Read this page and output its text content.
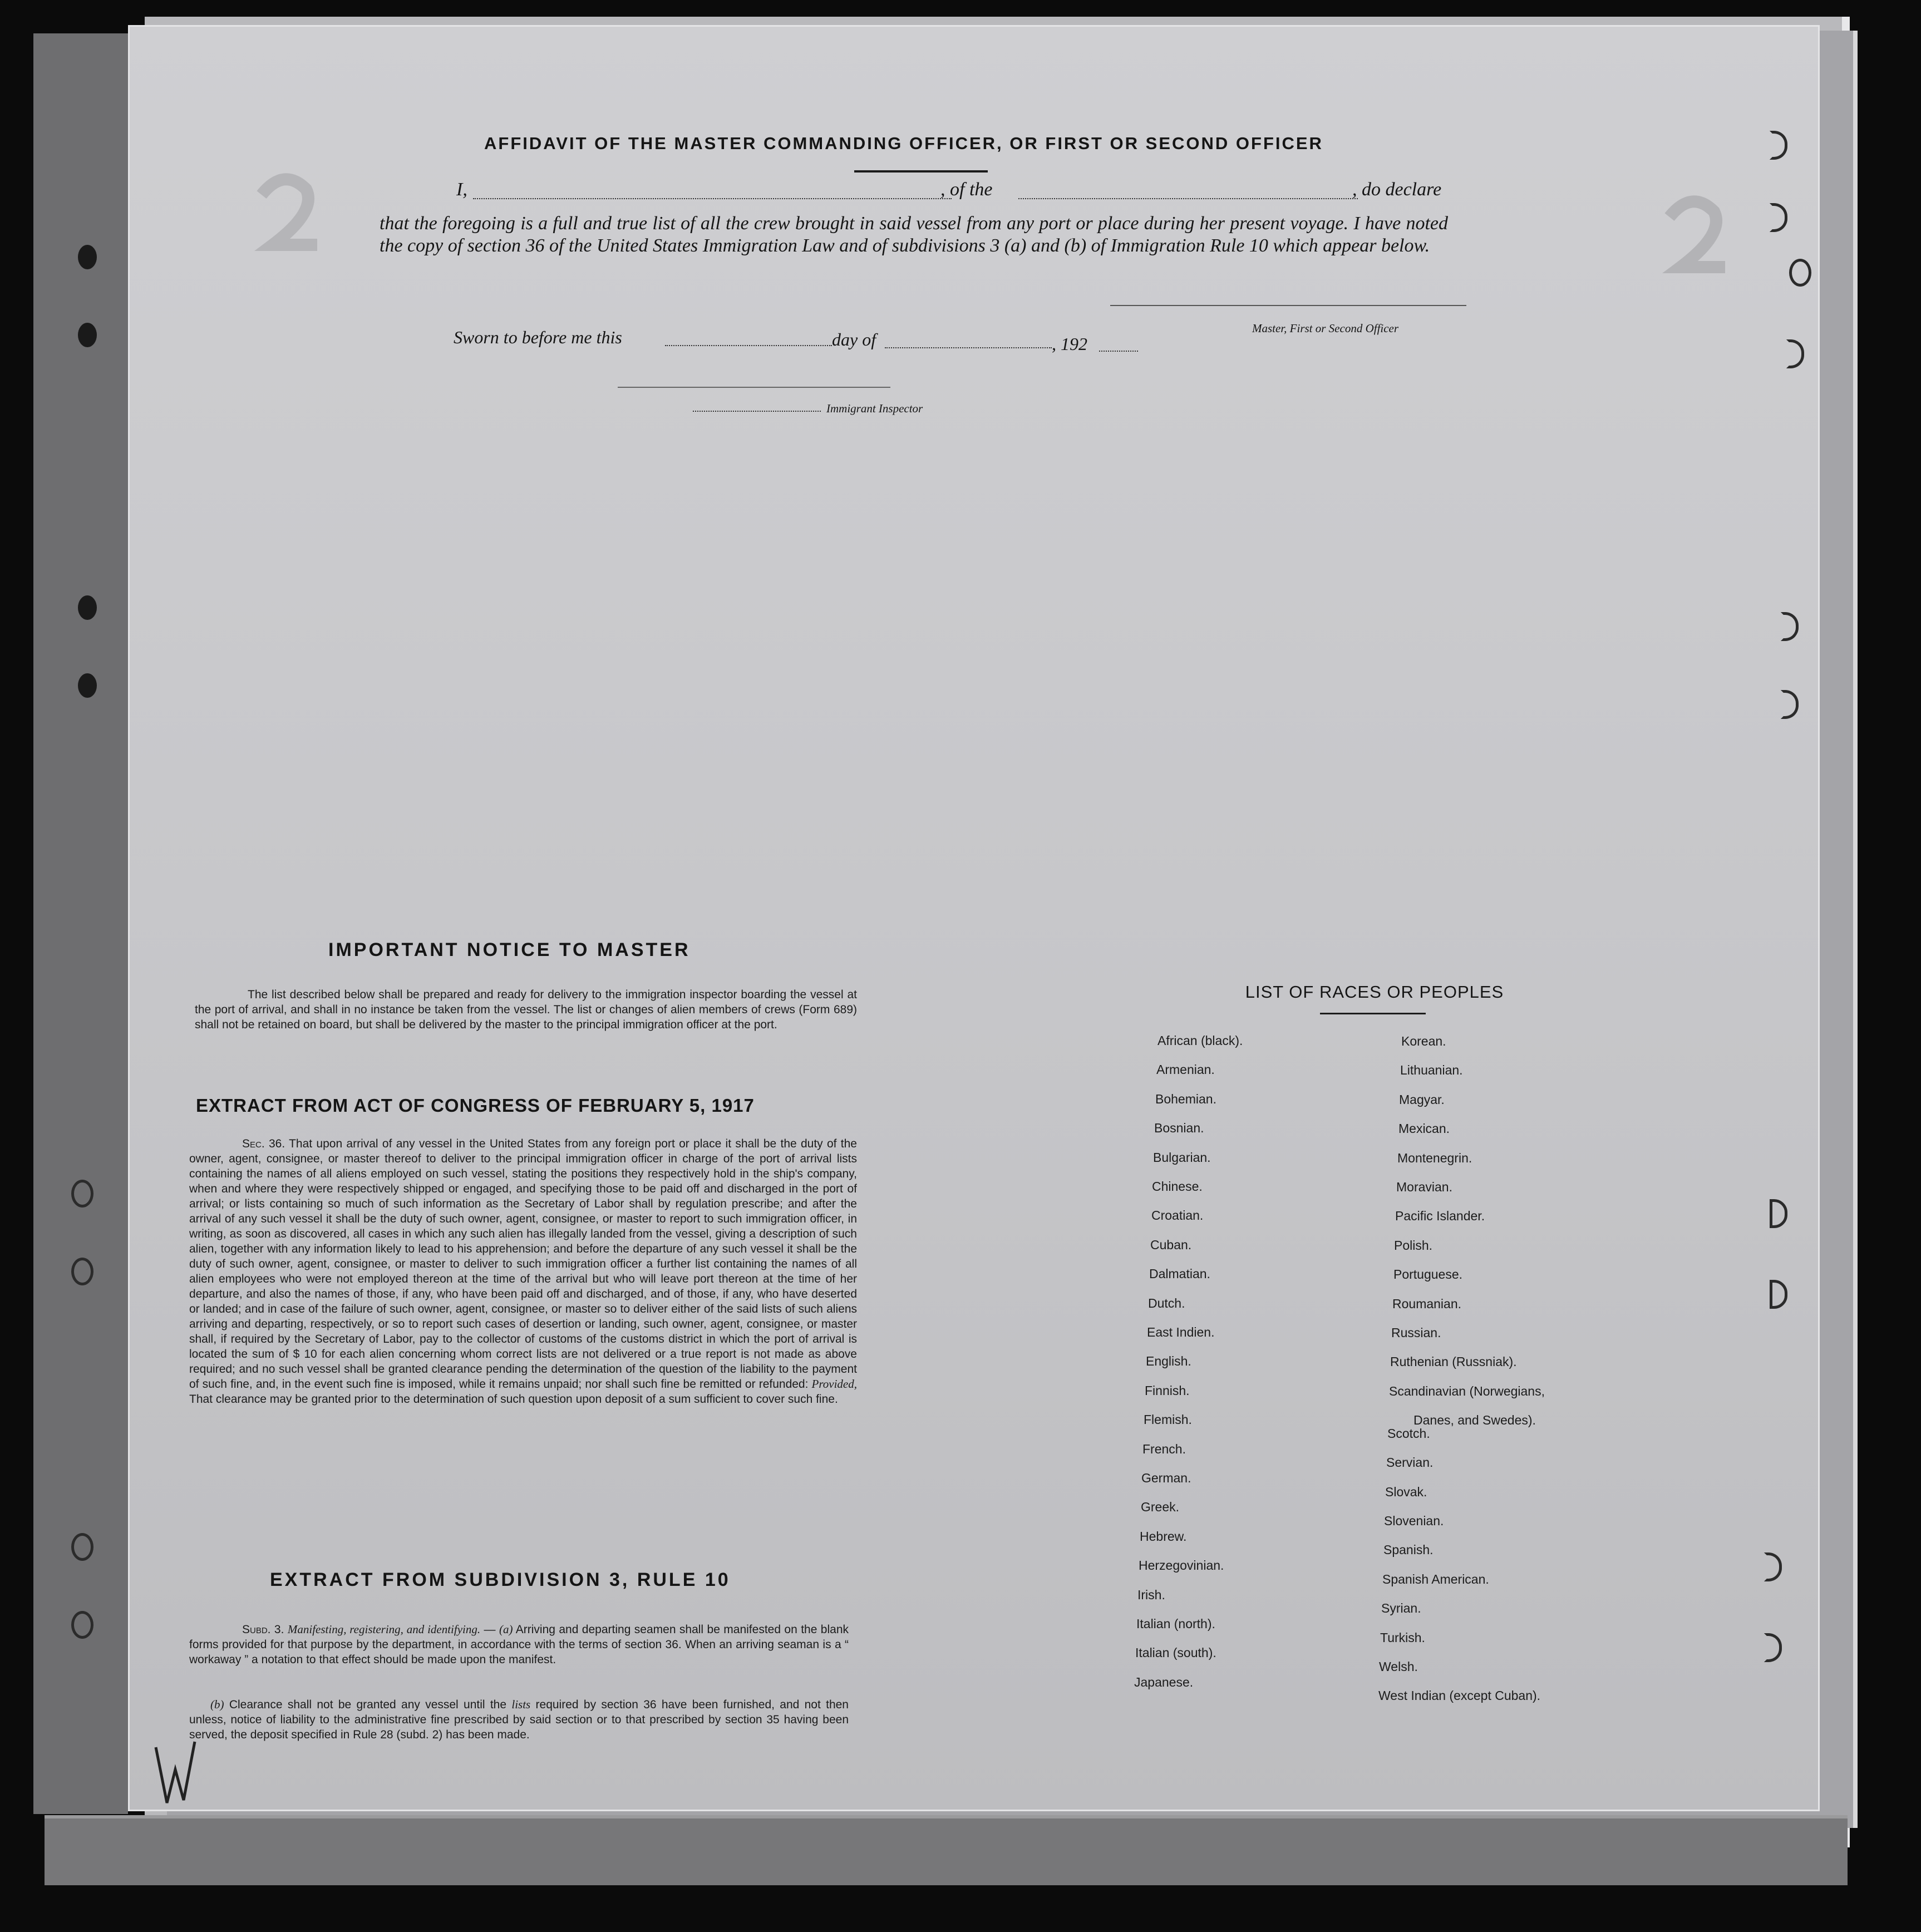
AFFIDAVIT OF THE MASTER COMMANDING OFFICER, OR FIRST OR SECOND OFFICER
I,	, of the	, do declare
that the foregoing is a full and true list of all the crew brought in said vessel from any port or place during her present voyage. I have noted the copy of section 36 of the United States Immigration Law and of subdivisions 3 (a) and (b) of Immigration Rule 10 which appear below.
Master, First or Second Officer
Sworn to before me this	day of	, 192
Immigrant Inspector
IMPORTANT NOTICE TO MASTER
The list described below shall be prepared and ready for delivery to the immigration inspector boarding the vessel at the port of arrival, and shall in no instance be taken from the vessel. The list or changes of alien members of crews (Form 689) shall not be retained on board, but shall be delivered by the master to the principal immigration officer at the port.
EXTRACT FROM ACT OF CONGRESS OF FEBRUARY 5, 1917
Sec. 36. That upon arrival of any vessel in the United States from any foreign port or place it shall be the duty of the owner, agent, consignee, or master thereof to deliver to the principal immigration officer in charge of the port of arrival lists containing the names of all aliens employed on such vessel, stating the positions they respectively hold in the ship's company, when and where they were respectively shipped or engaged, and specifying those to be paid off and discharged in the port of arrival; or lists containing so much of such information as the Secretary of Labor shall by regulation prescribe; and after the arrival of any such vessel it shall be the duty of such owner, agent, consignee, or master to report to such immigration officer, in writing, as soon as discovered, all cases in which any such alien has illegally landed from the vessel, giving a description of such alien, together with any information likely to lead to his apprehension; and before the departure of any such vessel it shall be the duty of such owner, agent, consignee, or master to deliver to such immigration officer a further list containing the names of all alien employees who were not employed thereon at the time of the arrival but who will leave port thereon at the time of her departure, and also the names of those, if any, who have been paid off and discharged, and of those, if any, who have deserted or landed; and in case of the failure of such owner, agent, consignee, or master so to deliver either of the said lists of such aliens arriving and departing, respectively, or so to report such cases of desertion or landing, such owner, agent, consignee, or master shall, if required by the Secretary of Labor, pay to the collector of customs of the customs district in which the port of arrival is located the sum of $ 10 for each alien concerning whom correct lists are not delivered or a true report is not made as above required; and no such vessel shall be granted clearance pending the determination of the question of the liability to the payment of such fine, and, in the event such fine is imposed, while it remains unpaid; nor shall such fine be remitted or refunded: Provided, That clearance may be granted prior to the determination of such question upon deposit of a sum sufficient to cover such fine.
EXTRACT FROM SUBDIVISION 3, RULE 10
Subd. 3. Manifesting, registering, and identifying. — (a) Arriving and departing seamen shall be manifested on the blank forms provided for that purpose by the department, in accordance with the terms of section 36. When an arriving seaman is a “ workaway ” a notation to that effect should be made upon the manifest.
(b) Clearance shall not be granted any vessel until the lists required by section 36 have been furnished, and not then unless, notice of liability to the administrative fine prescribed by said section or to that prescribed by section 35 having been served, the deposit specified in Rule 28 (subd. 2) has been made.
LIST OF RACES OR PEOPLES
African (black).
Armenian.
Bohemian.
Bosnian.
Bulgarian.
Chinese.
Croatian.
Cuban.
Dalmatian.
Dutch.
East Indien.
English.
Finnish.
Flemish.
French.
German.
Greek.
Hebrew.
Herzegovinian.
Irish.
Italian (north).
Italian (south).
Japanese.
Korean.
Lithuanian.
Magyar.
Mexican.
Montenegrin.
Moravian.
Pacific Islander.
Polish.
Portuguese.
Roumanian.
Russian.
Ruthenian (Russniak).
Scandinavian (Norwegians,
Danes, and Swedes).
Scotch.
Servian.
Slovak.
Slovenian.
Spanish.
Spanish American.
Syrian.
Turkish.
Welsh.
West Indian (except Cuban).
